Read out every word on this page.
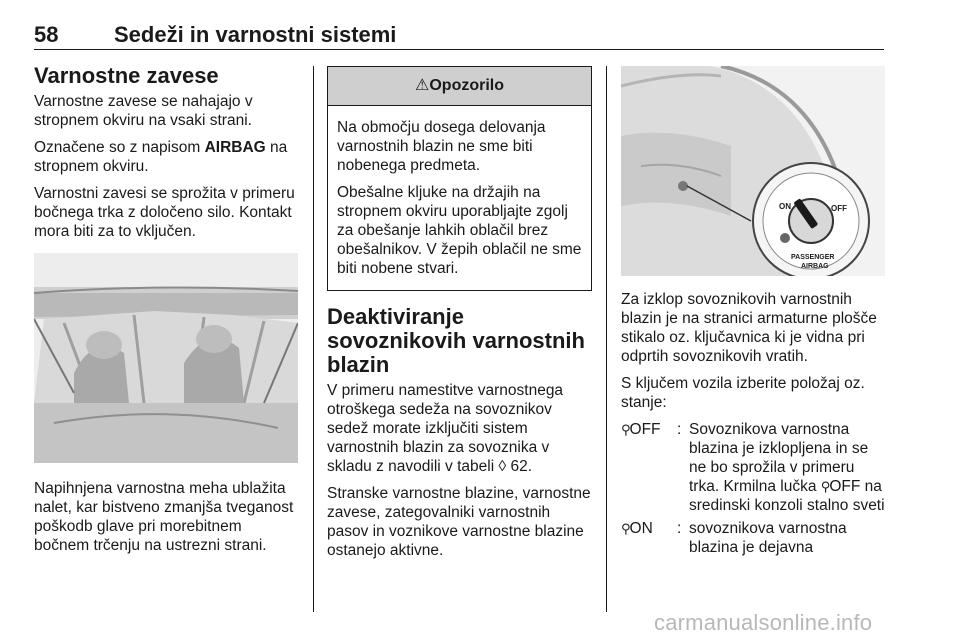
58	Sedeži in varnostni sistemi
Varnostne zavese

Varnostne zavese se nahajajo v stropnem okviru na vsaki strani.

Označene so z napisom AIRBAG na stropnem okviru.

Varnostni zavesi se sprožita v primeru bočnega trka z določeno silo. Kontakt mora biti za to vključen.

Napihnjena varnostna meha ublažita nalet, kar bistveno zmanjša tveganost poškodb glave pri morebitnem bočnem trčenju na ustrezni strani.

⚠Opozorilo

Na območju dosega delovanja varnostnih blazin ne sme biti nobenega predmeta.

Obešalne kljuke na držajih na stropnem okviru uporabljajte zgolj za obešanje lahkih oblačil brez obešalnikov. V žepih oblačil ne sme biti nobene stvari.

Deaktiviranje sovoznikovih varnostnih blazin

V primeru namestitve varnostnega otroškega sedeža na sovoznikov sedež morate izključiti sistem varnostnih blazin za sovoznika v skladu z navodili v tabeli ◊ 62.

Stranske varnostne blazine, varnostne zavese, zategovalniki varnostnih pasov in voznikove varnostne blazine ostanejo aktivne.

ON	OFF
PASSENGER
AIRBAG

Za izklop sovoznikovih varnostnih blazin je na stranici armaturne plošče stikalo oz. ključavnica ki je vidna pri odprtih sovoznikovih vratih.

S ključem vozila izberite položaj oz. stanje:

⚲OFF	: Sovoznikova varnostna blazina je izklopljena in se ne bo sprožila v primeru trka. Krmilna lučka ⚲OFF na sredinski konzoli stalno sveti
⚲ON	: sovoznikova varnostna blazina je dejavna
carmanualsonline.info
